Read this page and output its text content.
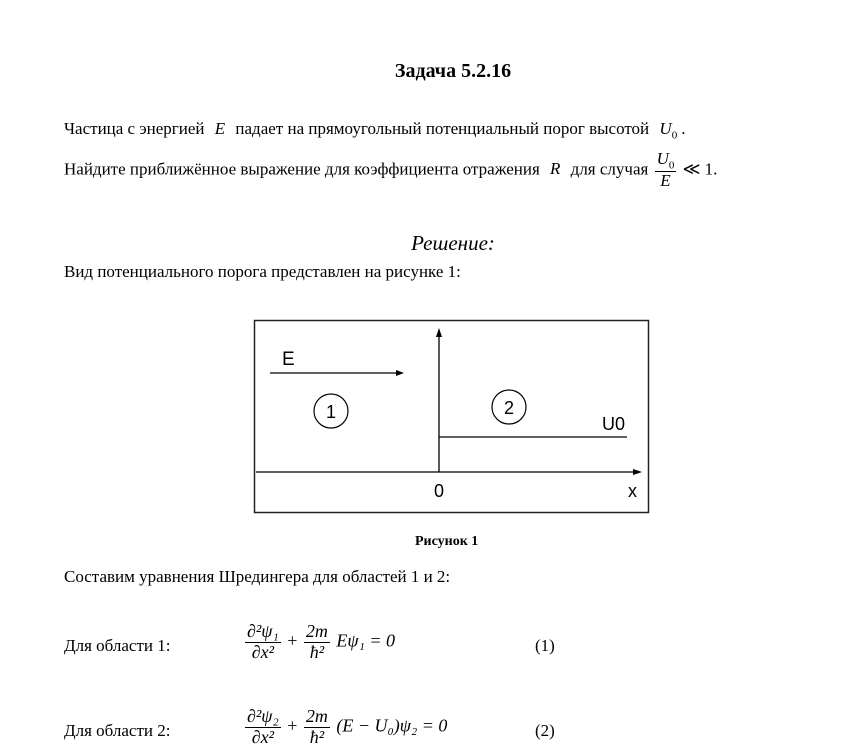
Задача 5.2.16
Частица с энергией E падает на прямоугольный потенциальный порог высотой $U_0$ .
Найдите приближённое выражение для коэффициента отражения R для случая $\frac{U_0}{E}$ ≪ 1.
Решение:
Вид потенциального порога представлен на рисунке 1:
E
1	2
U0
0	x
Рисунок 1
Составим уравнения Шредингера для областей 1 и 2:
Для области 1:	$\frac{\text{∂²ψ₁}}{\text{∂x²}} + \frac{2m}{\text{ħ²}} E\psi_1 = 0$	(1)
Для области 2:	$\frac{\text{∂²ψ₂}}{\text{∂x²}} + \frac{2m}{\text{ħ²}} (E - U_0)\psi_2 = 0$	(2)
